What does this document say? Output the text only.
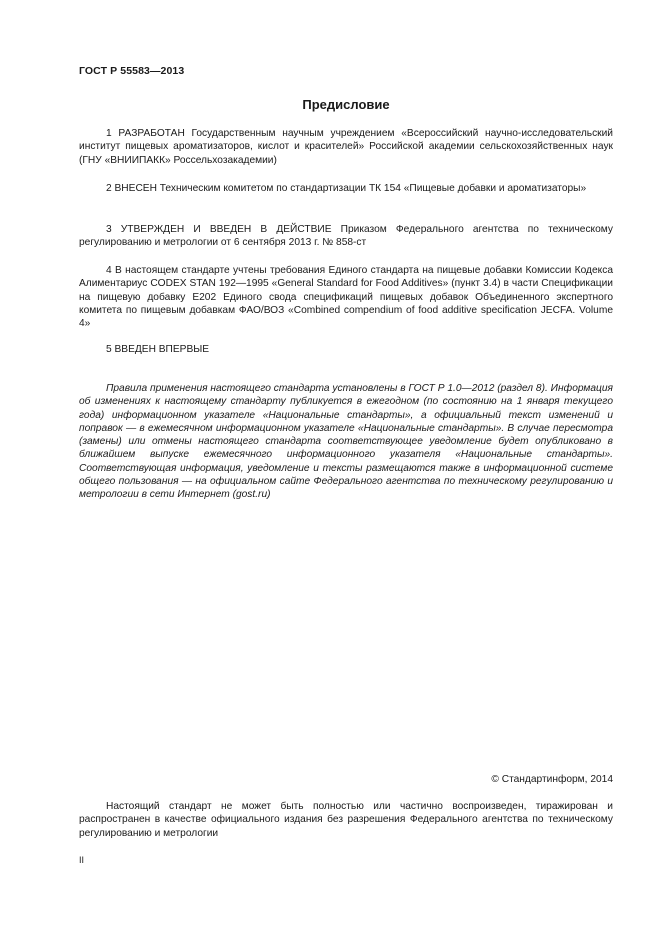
ГОСТ Р 55583—2013
Предисловие

1 РАЗРАБОТАН Государственным научным учреждением «Всероссийский научно-исследовательский институт пищевых ароматизаторов, кислот и красителей» Российской академии сельскохозяйственных наук (ГНУ «ВНИИПАКК» Россельхозакадемии)

2 ВНЕСЕН Техническим комитетом по стандартизации ТК 154 «Пищевые добавки и ароматизаторы»

3 УТВЕРЖДЕН И ВВЕДЕН В ДЕЙСТВИЕ Приказом Федерального агентства по техническому регулированию и метрологии от 6 сентября 2013 г. № 858-ст

4 В настоящем стандарте учтены требования Единого стандарта на пищевые добавки Комиссии Кодекса Алиментариус CODEX STAN 192—1995 «General Standard for Food Additives» (пункт 3.4) в части Спецификации на пищевую добавку Е202 Единого свода спецификаций пищевых добавок Объединенного экспертного комитета по пищевым добавкам ФАО/ВОЗ «Combined compendium of food additive specification JECFA. Volume 4»

5 ВВЕДЕН ВПЕРВЫЕ

Правила применения настоящего стандарта установлены в ГОСТ Р 1.0—2012 (раздел 8). Информация об изменениях к настоящему стандарту публикуется в ежегодном (по состоянию на 1 января текущего года) информационном указателе «Национальные стандарты», а официальный текст изменений и поправок — в ежемесячном информационном указателе «Национальные стандарты». В случае пересмотра (замены) или отмены настоящего стандарта соответствующее уведомление будет опубликовано в ближайшем выпуске ежемесячного информационного указателя «Национальные стандарты». Соответствующая информация, уведомление и тексты размещаются также в информационной системе общего пользования — на официальном сайте Федерального агентства по техническому регулированию и метрологии в сети Интернет (gost.ru)

© Стандартинформ, 2014

Настоящий стандарт не может быть полностью или частично воспроизведен, тиражирован и распространен в качестве официального издания без разрешения Федерального агентства по техническому регулированию и метрологии

II
